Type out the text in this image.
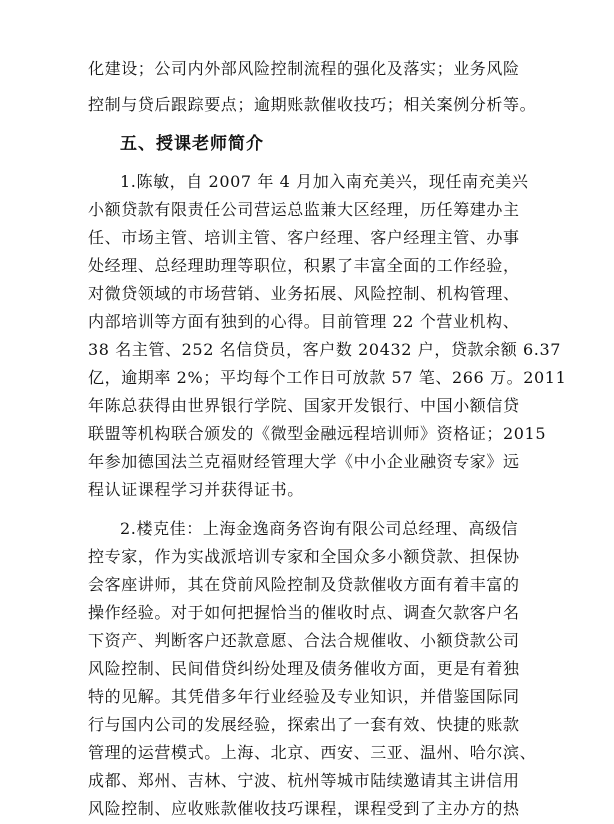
化建设；公司内外部风险控制流程的强化及落实；业务风险
控制与贷后跟踪要点；逾期账款催收技巧；相关案例分析等。
五、授课老师简介
1.陈敏，自 2007 年 4 月加入南充美兴，现任南充美兴
小额贷款有限责任公司营运总监兼大区经理，历任筹建办主
任、市场主管、培训主管、客户经理、客户经理主管、办事
处经理、总经理助理等职位，积累了丰富全面的工作经验，
对微贷领域的市场营销、业务拓展、风险控制、机构管理、
内部培训等方面有独到的心得。目前管理 22 个营业机构、
38 名主管、252 名信贷员，客户数 20432 户，贷款余额 6.37
亿，逾期率 2%；平均每个工作日可放款 57 笔、266 万。2011
年陈总获得由世界银行学院、国家开发银行、中国小额信贷
联盟等机构联合颁发的《微型金融远程培训师》资格证；2015
年参加德国法兰克福财经管理大学《中小企业融资专家》远
程认证课程学习并获得证书。
2.楼克佳：上海金逸商务咨询有限公司总经理、高级信
控专家，作为实战派培训专家和全国众多小额贷款、担保协
会客座讲师，其在贷前风险控制及贷款催收方面有着丰富的
操作经验。对于如何把握恰当的催收时点、调查欠款客户名
下资产、判断客户还款意愿、合法合规催收、小额贷款公司
风险控制、民间借贷纠纷处理及债务催收方面，更是有着独
特的见解。其凭借多年行业经验及专业知识，并借鉴国际同
行与国内公司的发展经验，探索出了一套有效、快捷的账款
管理的运营模式。上海、北京、西安、三亚、温州、哈尔滨、
成都、郑州、吉林、宁波、杭州等城市陆续邀请其主讲信用
风险控制、应收账款催收技巧课程，课程受到了主办方的热
